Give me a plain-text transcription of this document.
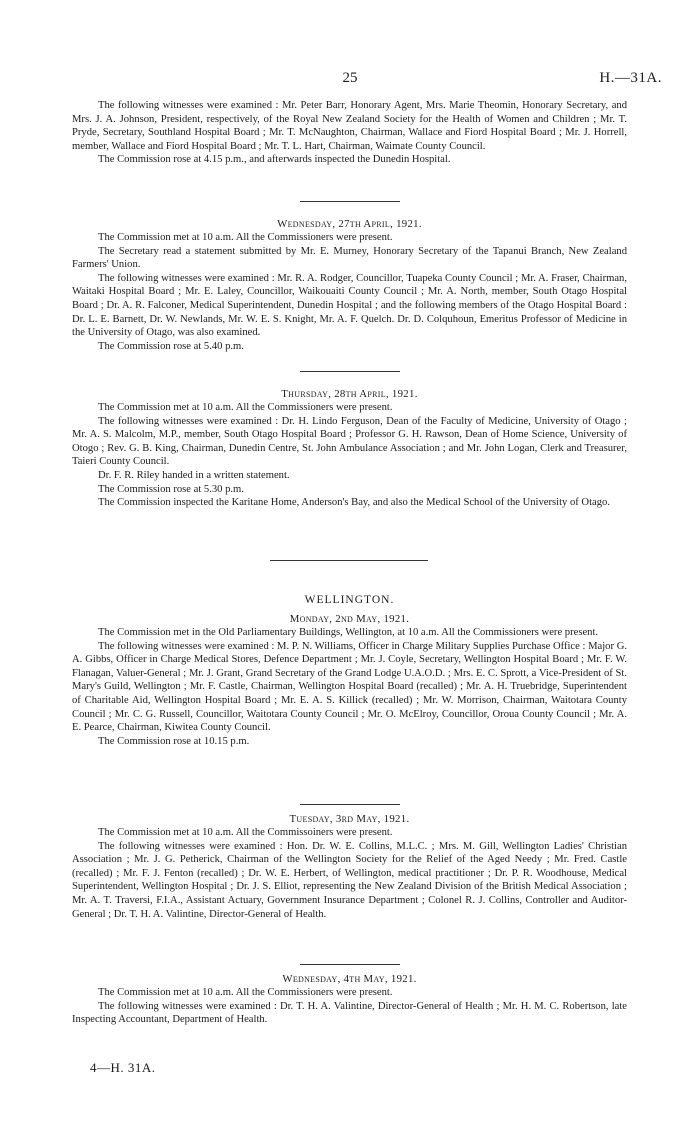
25	H.—31A.

The following witnesses were examined : Mr. Peter Barr, Honorary Agent, Mrs. Marie Theomin, Honorary Secretary, and Mrs. J. A. Johnson, President, respectively, of the Royal New Zealand Society for the Health of Women and Children ; Mr. T. Pryde, Secretary, Southland Hospital Board ; Mr. T. McNaughton, Chairman, Wallace and Fiord Hospital Board ; Mr. J. Horrell, member, Wallace and Fiord Hospital Board ; Mr. T. L. Hart, Chairman, Waimate County Council.

The Commission rose at 4.15 p.m., and afterwards inspected the Dunedin Hospital.

Wednesday, 27th April, 1921.

The Commission met at 10 a.m. All the Commissioners were present.

The Secretary read a statement submitted by Mr. E. Murney, Honorary Secretary of the Tapanui Branch, New Zealand Farmers' Union.

The following witnesses were examined : Mr. R. A. Rodger, Councillor, Tuapeka County Council ; Mr. A. Fraser, Chairman, Waitaki Hospital Board ; Mr. E. Laley, Councillor, Waikouaiti County Council ; Mr. A. North, member, South Otago Hospital Board ; Dr. A. R. Falconer, Medical Superintendent, Dunedin Hospital ; and the following members of the Otago Hospital Board : Dr. L. E. Barnett, Dr. W. Newlands, Mr. W. E. S. Knight, Mr. A. F. Quelch. Dr. D. Colquhoun, Emeritus Professor of Medicine in the University of Otago, was also examined.

The Commission rose at 5.40 p.m.

Thursday, 28th April, 1921.

The Commission met at 10 a.m. All the Commissioners were present.

The following witnesses were examined : Dr. H. Lindo Ferguson, Dean of the Faculty of Medicine, University of Otago ; Mr. A. S. Malcolm, M.P., member, South Otago Hospital Board ; Professor G. H. Rawson, Dean of Home Science, University of Otogo ; Rev. G. B. King, Chairman, Dunedin Centre, St. John Ambulance Association ; and Mr. John Logan, Clerk and Treasurer, Taieri County Council.

Dr. F. R. Riley handed in a written statement.

The Commission rose at 5.30 p.m.

The Commission inspected the Karitane Home, Anderson's Bay, and also the Medical School of the University of Otago.

WELLINGTON.

Monday, 2nd May, 1921.

The Commission met in the Old Parliamentary Buildings, Wellington, at 10 a.m. All the Commissioners were present.

The following witnesses were examined : M. P. N. Williams, Officer in Charge Military Supplies Purchase Office : Major G. A. Gibbs, Officer in Charge Medical Stores, Defence Department ; Mr. J. Coyle, Secretary, Wellington Hospital Board ; Mr. F. W. Flanagan, Valuer-General ; Mr. J. Grant, Grand Secretary of the Grand Lodge U.A.O.D. ; Mrs. E. C. Sprott, a Vice-President of St. Mary's Guild, Wellington ; Mr. F. Castle, Chairman, Wellington Hospital Board (recalled) ; Mr. A. H. Truebridge, Superintendent of Charitable Aid, Wellington Hospital Board ; Mr. E. A. S. Killick (recalled) ; Mr. W. Morrison, Chairman, Waitotara County Council ; Mr. C. G. Russell, Councillor, Waitotara County Council ; Mr. O. McElroy, Councillor, Oroua County Council ; Mr. A. E. Pearce, Chairman, Kiwitea County Council.

The Commission rose at 10.15 p.m.

Tuesday, 3rd May, 1921.

The Commission met at 10 a.m. All the Commissoiners were present.

The following witnesses were examined : Hon. Dr. W. E. Collins, M.L.C. ; Mrs. M. Gill, Wellington Ladies' Christian Association ; Mr. J. G. Petherick, Chairman of the Wellington Society for the Relief of the Aged Needy ; Mr. Fred. Castle (recalled) ; Mr. F. J. Fenton (recalled) ; Dr. W. E. Herbert, of Wellington, medical practitioner ; Dr. P. R. Woodhouse, Medical Superintendent, Wellington Hospital ; Dr. J. S. Elliot, representing the New Zealand Division of the British Medical Association ; Mr. A. T. Traversi, F.I.A., Assistant Actuary, Government Insurance Department ; Colonel R. J. Collins, Controller and Auditor-General ; Dr. T. H. A. Valintine, Director-General of Health.

Wednesday, 4th May, 1921.

The Commission met at 10 a.m. All the Commissioners were present.

The following witnesses were examined : Dr. T. H. A. Valintine, Director-General of Health ; Mr. H. M. C. Robertson, late Inspecting Accountant, Department of Health.

4—H. 31A.
